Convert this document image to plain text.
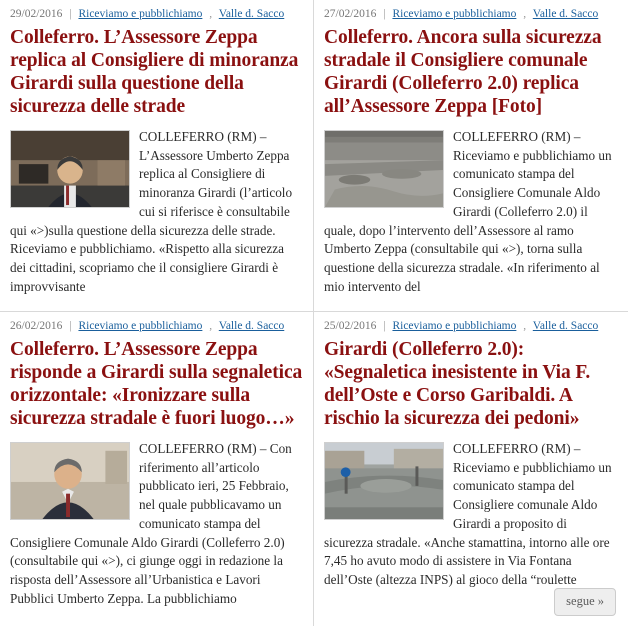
29/02/2016 | Riceviamo e pubblichiamo , Valle d. Sacco
Colleferro. L’Assessore Zeppa replica al Consigliere di minoranza Girardi sulla questione della sicurezza delle strade

COLLEFERRO (RM) – L’Assessore Umberto Zeppa replica al Consigliere di minoranza Girardi (l’articolo cui si riferisce è consultabile qui «>)sulla questione della sicurezza delle strade. Riceviamo e pubblichiamo. «Rispetto alla sicurezza dei cittadini, scopriamo che il consigliere Girardi è improvvisante

27/02/2016 | Riceviamo e pubblichiamo , Valle d. Sacco
Colleferro. Ancora sulla sicurezza stradale il Consigliere comunale Girardi (Colleferro 2.0) replica all’Assessore Zeppa [Foto]

COLLEFERRO (RM) – Riceviamo e pubblichiamo un comunicato stampa del Consigliere Comunale Aldo Girardi (Colleferro 2.0) il quale, dopo l’intervento dell’Assessore al ramo Umberto Zeppa (consultabile qui «>), torna sulla questione della sicurezza stradale. «In riferimento al mio intervento del

26/02/2016 | Riceviamo e pubblichiamo , Valle d. Sacco
Colleferro. L’Assessore Zeppa risponde a Girardi sulla segnaletica orizzontale: «Ironizzare sulla sicurezza stradale è fuori luogo…»

COLLEFERRO (RM) – Con riferimento all’articolo pubblicato ieri, 25 Febbraio, nel quale pubblicavamo un comunicato stampa del Consigliere Comunale Aldo Girardi (Colleferro 2.0)(consultabile qui «>), ci giunge oggi in redazione la risposta dell’Assessore all’Urbanistica e Lavori Pubblici Umberto Zeppa. La pubblichiamo

25/02/2016 | Riceviamo e pubblichiamo , Valle d. Sacco
Girardi (Colleferro 2.0): «Segnaletica inesistente in Via F. dell’Oste e Corso Garibaldi. A rischio la sicurezza dei pedoni»

COLLEFERRO (RM) – Riceviamo e pubblichiamo un comunicato stampa del Consigliere comunale Aldo Girardi a proposito di sicurezza stradale. «Anche stamattina, intorno alle ore 7,45 ho avuto modo di assistere in Via Fontana dell’Oste (altezza INPS) al gioco della “roulette

segue »
